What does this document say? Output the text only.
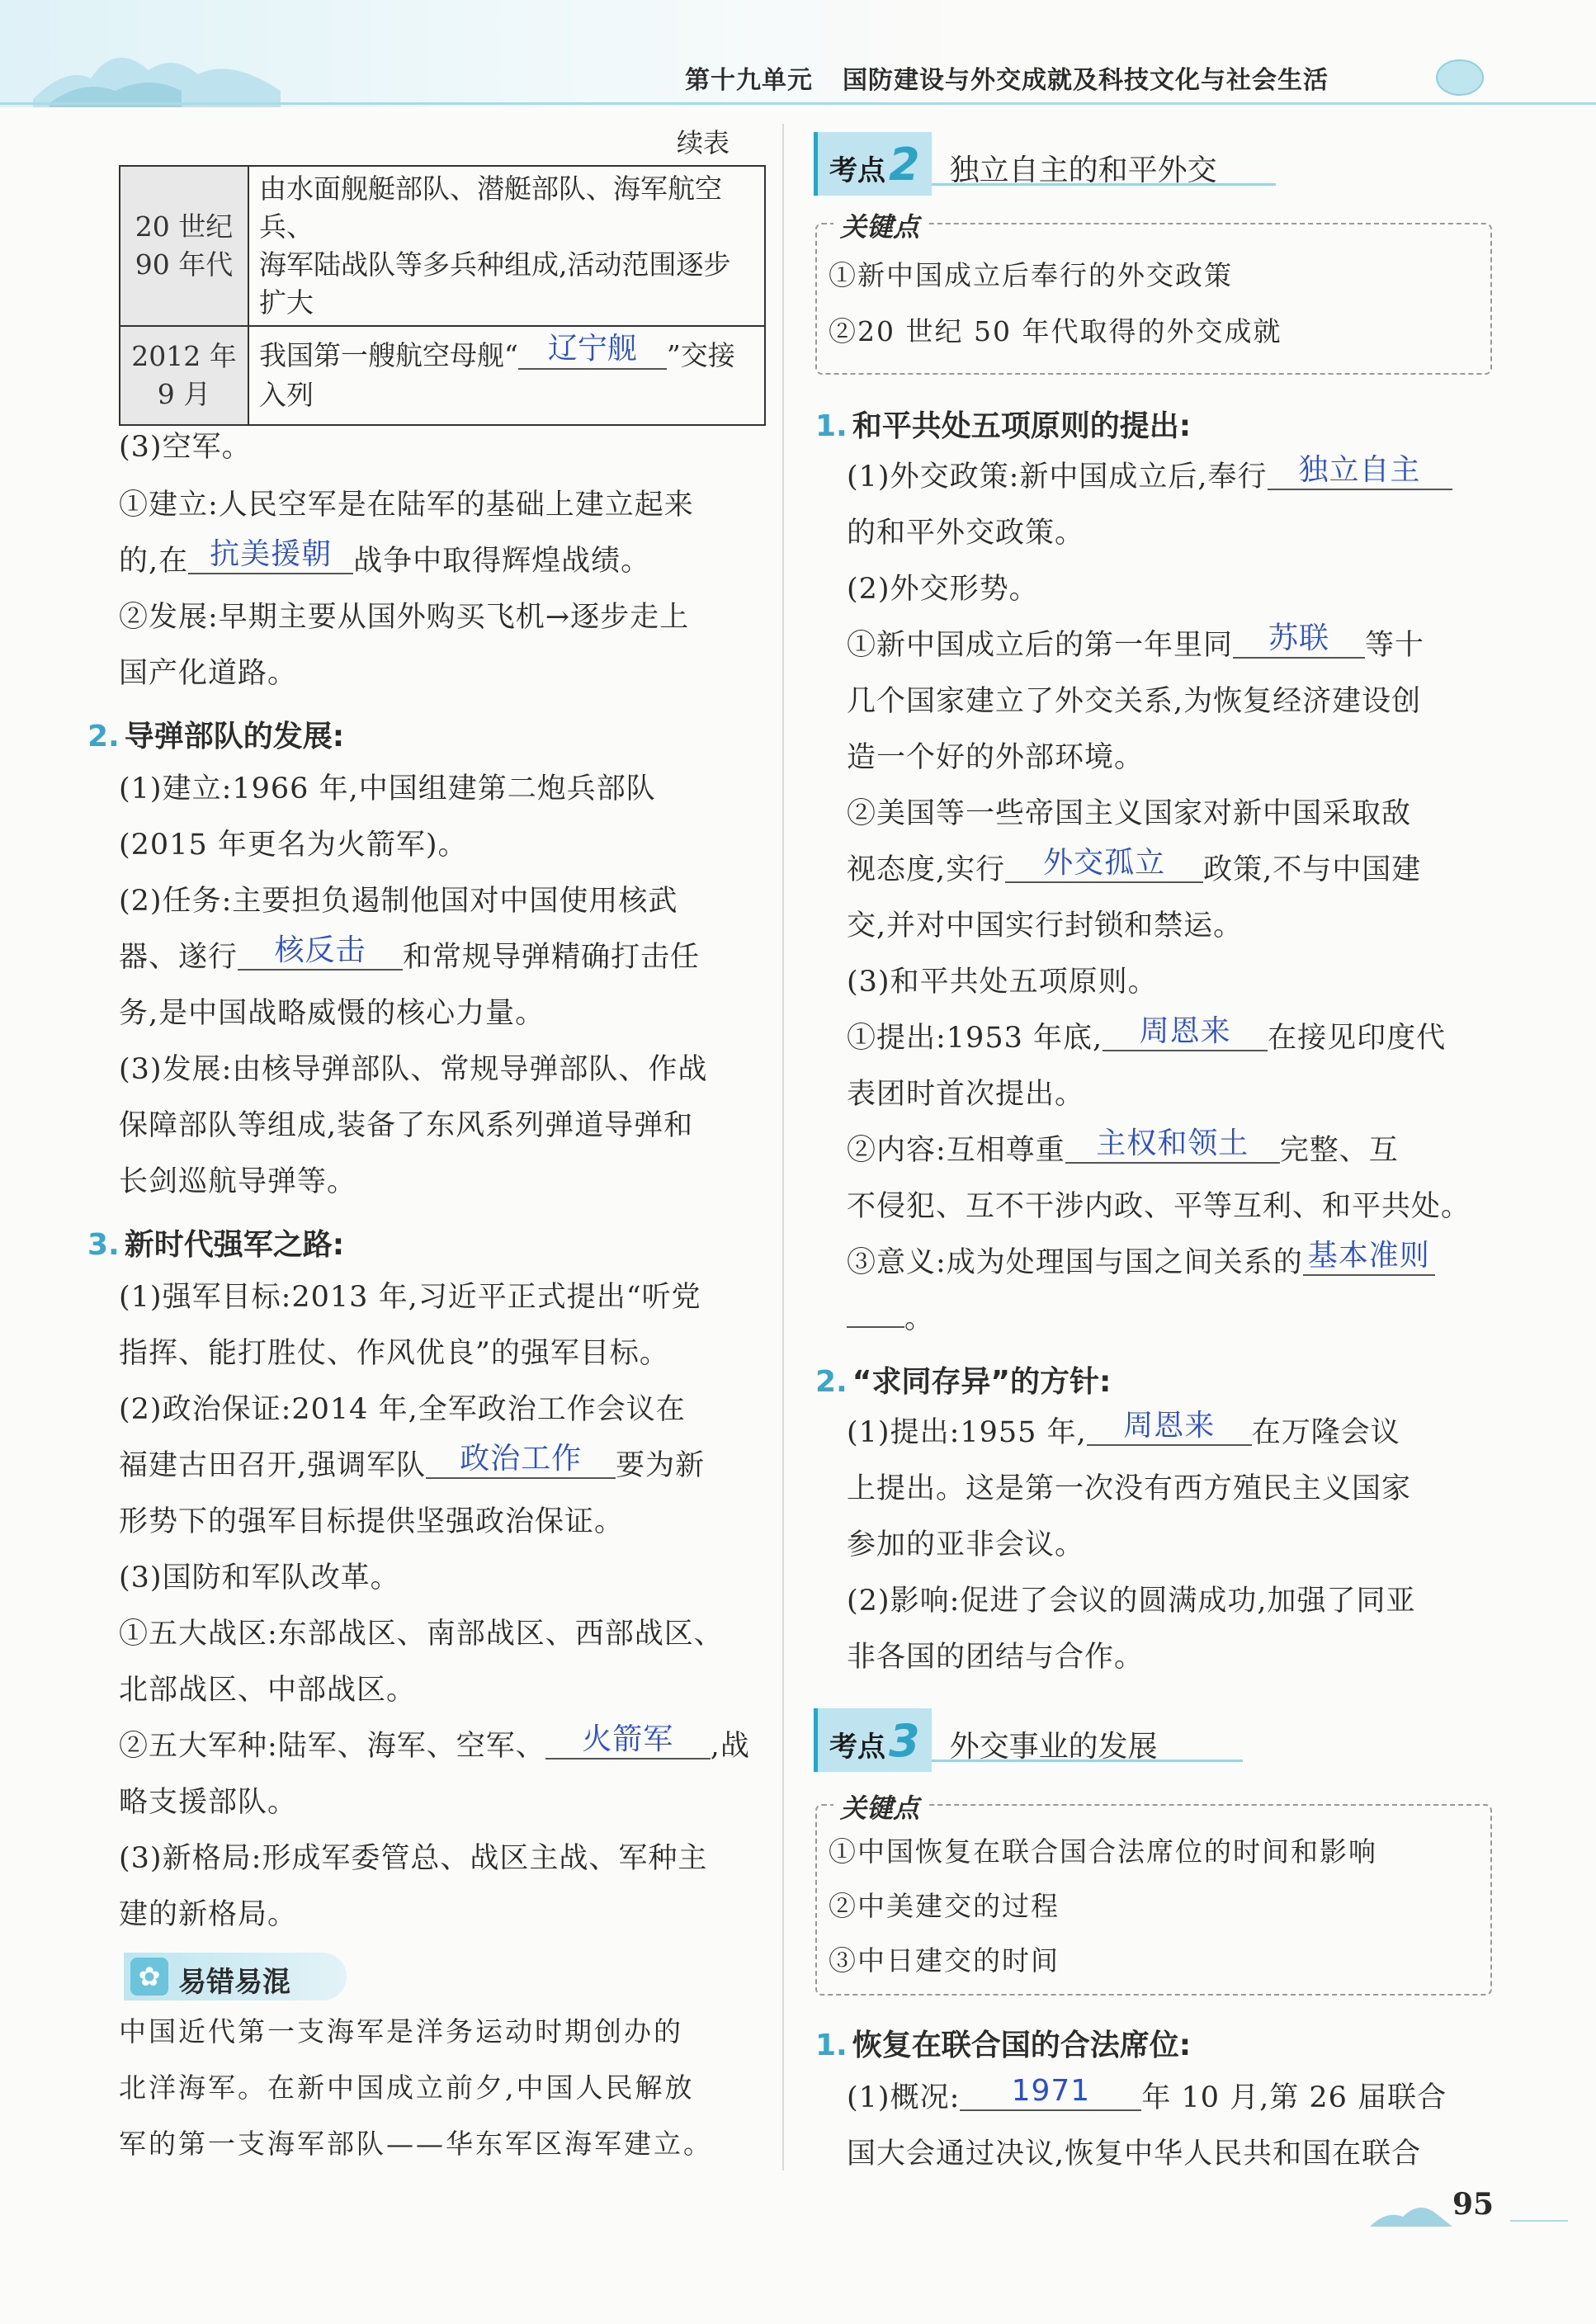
第十九单元 国防建设与外交成就及科技文化与社会生活
续表
20 世纪 90 年代	由水面舰艇部队、潜艇部队、海军航空兵、
海军陆战队等多兵种组成,活动范围逐步
扩大

2012 年 9 月	我国第一艘航空母舰“ 辽宁舰 ”交接
入列
(3)空军。
①建立:人民空军是在陆军的基础上建立起来
的,在 抗美援朝 战争中取得辉煌战绩。
②发展:早期主要从国外购买飞机→逐步走上
国产化道路。
2. 导弹部队的发展:
(1)建立:1966 年,中国组建第二炮兵部队
(2015 年更名为火箭军)。
(2)任务:主要担负遏制他国对中国使用核武
器、遂行 核反击 和常规导弹精确打击任
务,是中国战略威慑的核心力量。
(3)发展:由核导弹部队、常规导弹部队、作战
保障部队等组成,装备了东风系列弹道导弹和
长剑巡航导弹等。
3. 新时代强军之路:
(1)强军目标:2013 年,习近平正式提出“听党
指挥、能打胜仗、作风优良”的强军目标。
(2)政治保证:2014 年,全军政治工作会议在
福建古田召开,强调军队 政治工作 要为新
形势下的强军目标提供坚强政治保证。
(3)国防和军队改革。
①五大战区:东部战区、南部战区、西部战区、
北部战区、中部战区。
②五大军种:陆军、海军、空军、 火箭军 ,战
略支援部队。
(3)新格局:形成军委管总、战区主战、军种主
建的新格局。
✿ 易错易混
中国近代第一支海军是洋务运动时期创办的
北洋海军。在新中国成立前夕,中国人民解放
军的第一支海军部队——华东军区海军建立。
考点2 独立自主的和平外交
关键点
①新中国成立后奉行的外交政策
②20 世纪 50 年代取得的外交成就
1. 和平共处五项原则的提出:
(1)外交政策:新中国成立后,奉行 独立自主
的和平外交政策。
(2)外交形势。
①新中国成立后的第一年里同 苏联 等十
几个国家建立了外交关系,为恢复经济建设创
造一个好的外部环境。
②美国等一些帝国主义国家对新中国采取敌
视态度,实行 外交孤立 政策,不与中国建
交,并对中国实行封锁和禁运。
(3)和平共处五项原则。
①提出:1953 年底, 周恩来 在接见印度代
表团时首次提出。
②内容:互相尊重 主权和领土 完整、互
不侵犯、互不干涉内政、平等互利、和平共处。
③意义:成为处理国与国之间关系的 基本准则
。
2. “求同存异”的方针:
(1)提出:1955 年, 周恩来 在万隆会议
上提出。这是第一次没有西方殖民主义国家
参加的亚非会议。
(2)影响:促进了会议的圆满成功,加强了同亚
非各国的团结与合作。
考点3 外交事业的发展
关键点
①中国恢复在联合国合法席位的时间和影响
②中美建交的过程
③中日建交的时间
1. 恢复在联合国的合法席位:
(1)概况: 1971 年 10 月,第 26 届联合
国大会通过决议,恢复中华人民共和国在联合
95
